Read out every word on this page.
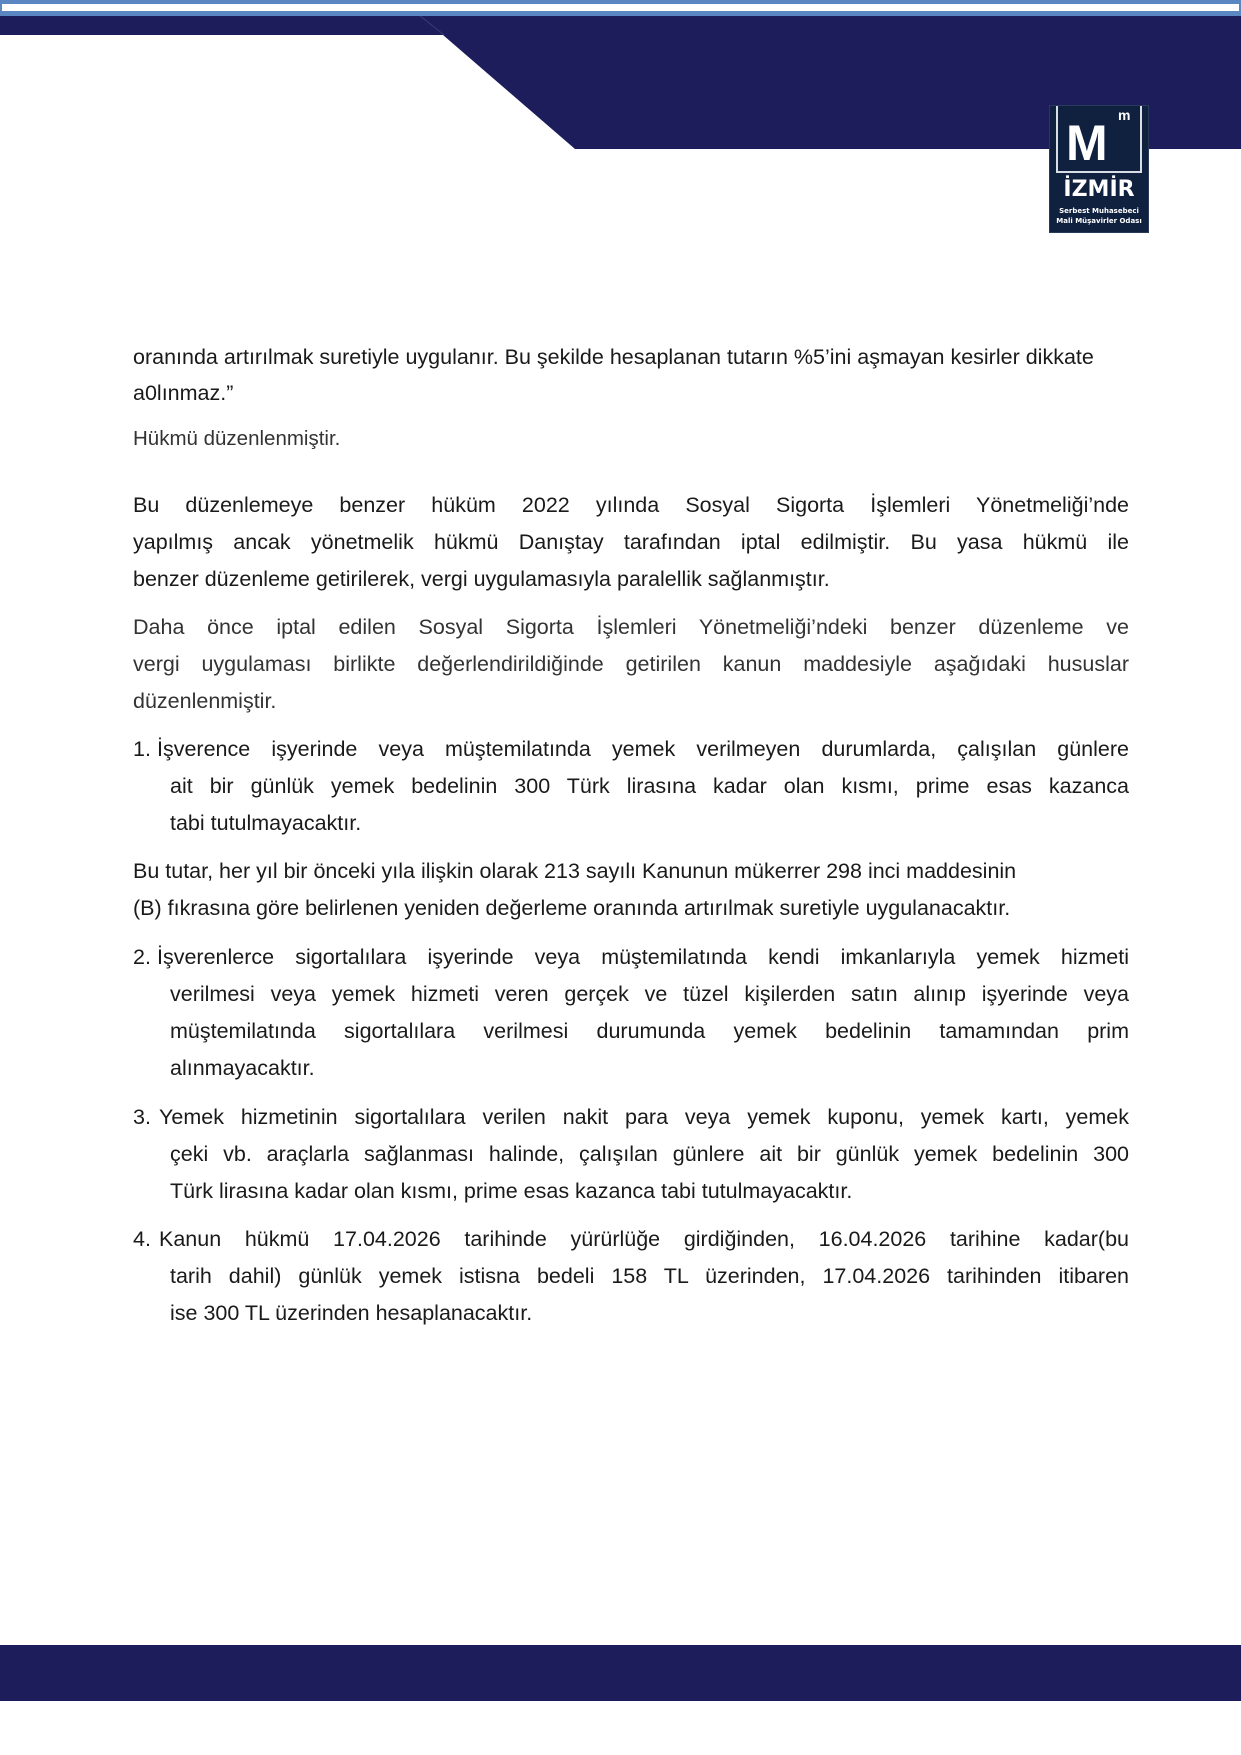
M m
İZMİR
Serbest Muhasebeci
Mali Müşavirler Odası
oranında artırılmak suretiyle uygulanır. Bu şekilde hesaplanan tutarın %5’ini aşmayan kesirler dikkate
a0lınmaz.”
Hükmü düzenlenmiştir.
Bu düzenlemeye benzer hüküm 2022 yılında Sosyal Sigorta İşlemleri Yönetmeliği’nde
yapılmış ancak yönetmelik hükmü Danıştay tarafından iptal edilmiştir. Bu yasa hükmü ile
benzer düzenleme getirilerek, vergi uygulamasıyla paralellik sağlanmıştır.
Daha önce iptal edilen Sosyal Sigorta İşlemleri Yönetmeliği’ndeki benzer düzenleme ve
vergi uygulaması birlikte değerlendirildiğinde getirilen kanun maddesiyle aşağıdaki hususlar
düzenlenmiştir.
1. İşverence işyerinde veya müştemilatında yemek verilmeyen durumlarda, çalışılan günlere
ait bir günlük yemek bedelinin 300 Türk lirasına kadar olan kısmı, prime esas kazanca
tabi tutulmayacaktır.
Bu tutar, her yıl bir önceki yıla ilişkin olarak 213 sayılı Kanunun mükerrer 298 inci maddesinin
(B) fıkrasına göre belirlenen yeniden değerleme oranında artırılmak suretiyle uygulanacaktır.
2. İşverenlerce sigortalılara işyerinde veya müştemilatında kendi imkanlarıyla yemek hizmeti
verilmesi veya yemek hizmeti veren gerçek ve tüzel kişilerden satın alınıp işyerinde veya
müştemilatında sigortalılara verilmesi durumunda yemek bedelinin tamamından prim
alınmayacaktır.
3. Yemek hizmetinin sigortalılara verilen nakit para veya yemek kuponu, yemek kartı, yemek
çeki vb. araçlarla sağlanması halinde, çalışılan günlere ait bir günlük yemek bedelinin 300
Türk lirasına kadar olan kısmı, prime esas kazanca tabi tutulmayacaktır.
4. Kanun hükmü 17.04.2026 tarihinde yürürlüğe girdiğinden, 16.04.2026 tarihine kadar(bu
tarih dahil) günlük yemek istisna bedeli 158 TL üzerinden, 17.04.2026 tarihinden itibaren
ise 300 TL üzerinden hesaplanacaktır.
